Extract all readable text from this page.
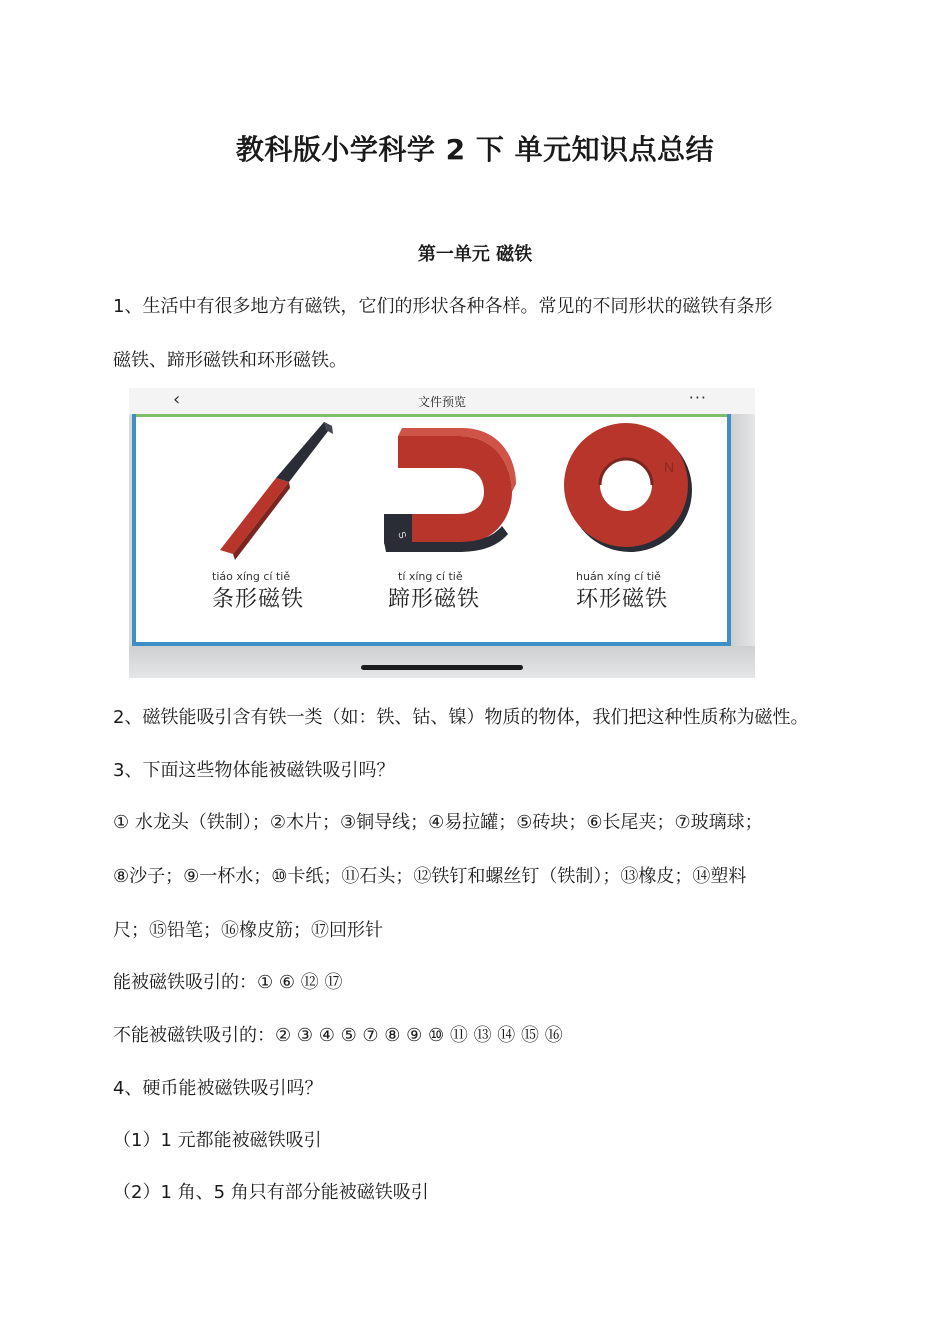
教科版小学科学 2 下 单元知识点总结
第一单元 磁铁
1、生活中有很多地方有磁铁，它们的形状各种各样。常见的不同形状的磁铁有条形
磁铁、蹄形磁铁和环形磁铁。
‹	文件预览	···
S
N
tiáo xíng cí tiě
条形磁铁
tí xíng cí tiě
蹄形磁铁
huán xíng cí tiě
环形磁铁
2、磁铁能吸引含有铁一类（如：铁、钴、镍）物质的物体，我们把这种性质称为磁性。
3、下面这些物体能被磁铁吸引吗？
① 水龙头（铁制）；②木片；③铜导线；④易拉罐；⑤砖块；⑥长尾夹；⑦玻璃球；
⑧沙子；⑨一杯水；⑩卡纸；⑪石头；⑫铁钉和螺丝钉（铁制）；⑬橡皮；⑭塑料
尺；⑮铅笔；⑯橡皮筋；⑰回形针
能被磁铁吸引的：① ⑥ ⑫ ⑰
不能被磁铁吸引的：② ③ ④ ⑤ ⑦ ⑧ ⑨ ⑩ ⑪ ⑬ ⑭ ⑮ ⑯
4、硬币能被磁铁吸引吗？
（1）1 元都能被磁铁吸引
（2）1 角、5 角只有部分能被磁铁吸引
